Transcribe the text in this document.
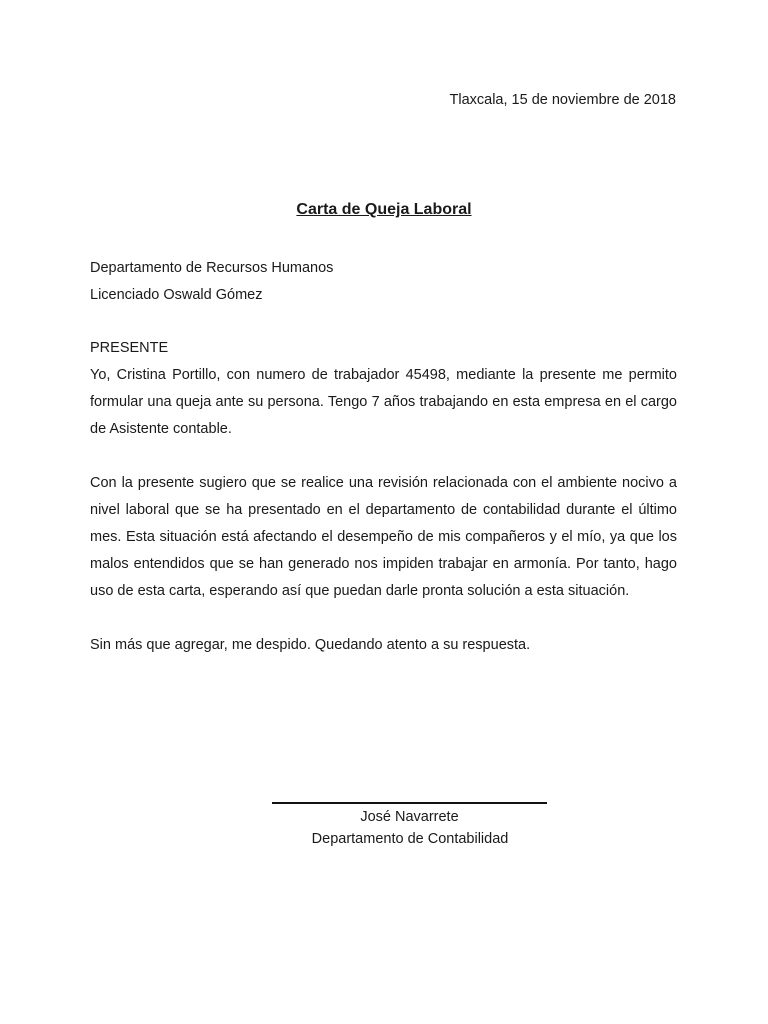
Tlaxcala, 15 de noviembre de 2018

Carta de Queja Laboral

Departamento de Recursos Humanos

Licenciado Oswald Gómez

PRESENTE

Yo, Cristina Portillo, con numero de trabajador 45498, mediante la presente me permito formular una queja ante su persona. Tengo 7 años trabajando en esta empresa en el cargo de Asistente contable.

Con la presente sugiero que se realice una revisión relacionada con el ambiente nocivo a nivel laboral que se ha presentado en el departamento de contabilidad durante el último mes. Esta situación está afectando el desempeño de mis compañeros y el mío, ya que los malos entendidos que se han generado nos impiden trabajar en armonía. Por tanto, hago uso de esta carta, esperando así que puedan darle pronta solución a esta situación.

Sin más que agregar, me despido. Quedando atento a su respuesta.

José Navarrete

Departamento de Contabilidad
